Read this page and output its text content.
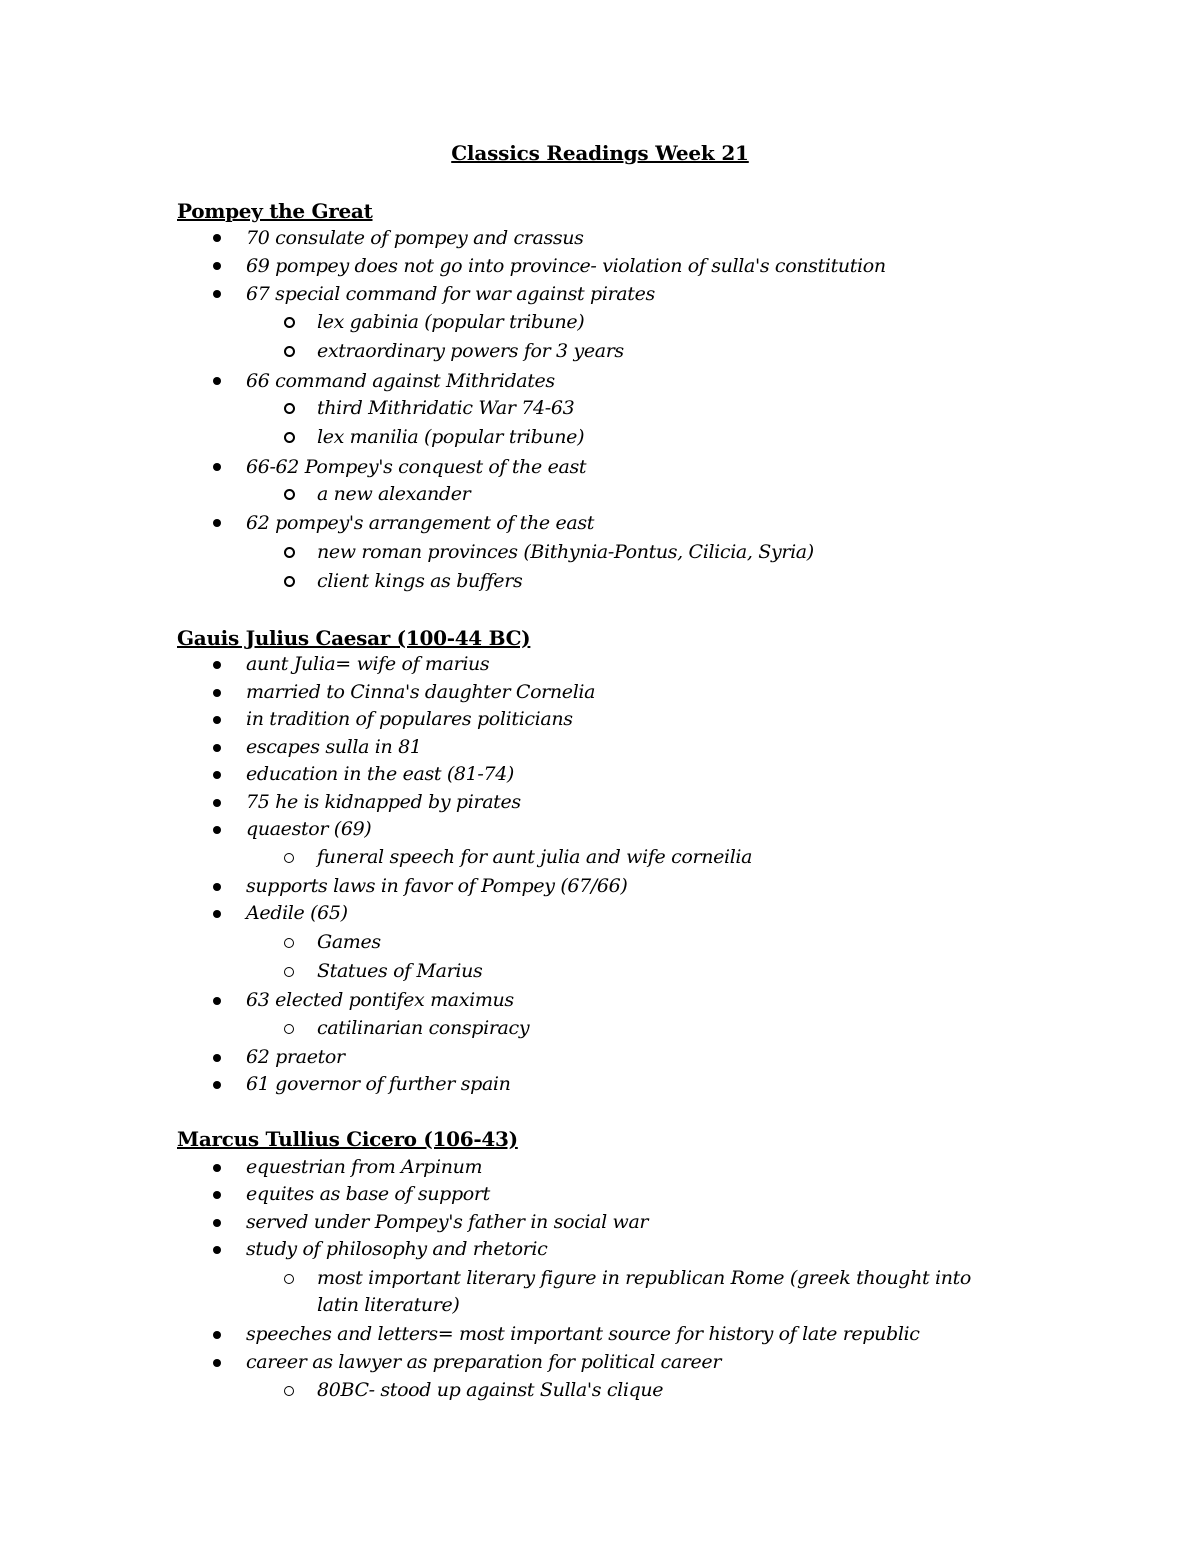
Classics Readings Week 21
Pompey the Great
70 consulate of pompey and crassus
69 pompey does not go into province- violation of sulla's constitution
67 special command for war against pirates
lex gabinia (popular tribune)
extraordinary powers for 3 years
66 command against Mithridates
third Mithridatic War 74-63
lex manilia (popular tribune)
66-62 Pompey's conquest of the east
a new alexander
62 pompey's arrangement of the east
new roman provinces (Bithynia-Pontus, Cilicia, Syria)
client kings as buffers
Gauis Julius Caesar (100-44 BC)
aunt Julia= wife of marius
married to Cinna's daughter Cornelia
in tradition of populares politicians
escapes sulla in 81
education in the east (81-74)
75 he is kidnapped by pirates
quaestor (69)
funeral speech for aunt julia and wife corneilia
supports laws in favor of Pompey (67/66)
Aedile (65)
Games
Statues of Marius
63 elected pontifex maximus
catilinarian conspiracy
62 praetor
61 governor of further spain
Marcus Tullius Cicero (106-43)
equestrian from Arpinum
equites as base of support
served under Pompey's father in social war
study of philosophy and rhetoric
most important literary figure in republican Rome (greek thought into latin literature)
speeches and letters= most important source for history of late republic
career as lawyer as preparation for political career
80BC- stood up against Sulla's clique
